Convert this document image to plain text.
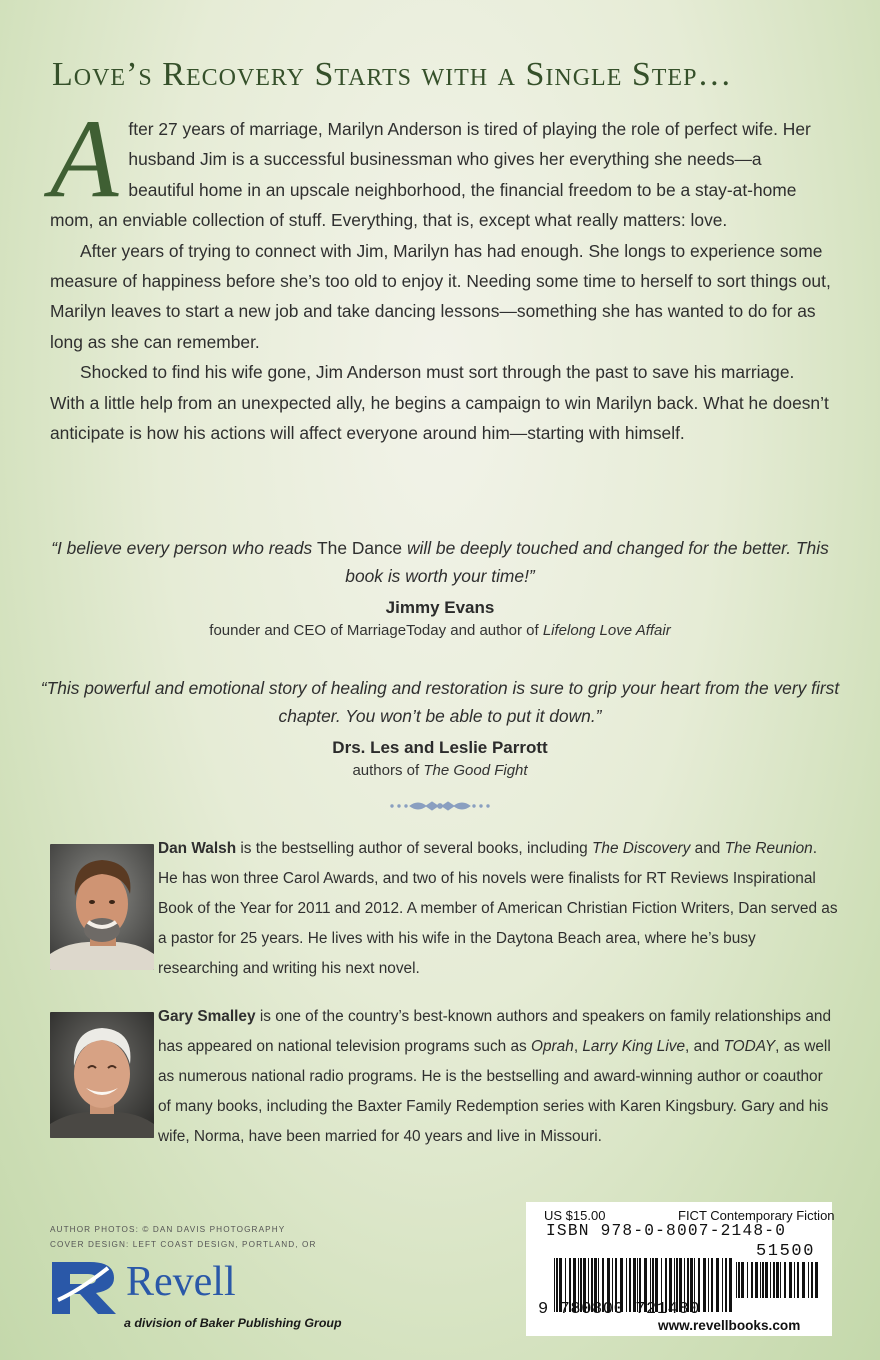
Love’s Recovery Starts with a Single Step…
A fter 27 years of marriage, Marilyn Anderson is tired of playing the role of perfect wife. Her husband Jim is a successful businessman who gives her everything she needs—a beautiful home in an upscale neighborhood, the financial freedom to be a stay-at-home mom, an enviable collection of stuff. Everything, that is, except what really matters: love.

After years of trying to connect with Jim, Marilyn has had enough. She longs to experience some measure of happiness before she’s too old to enjoy it. Needing some time to herself to sort things out, Marilyn leaves to start a new job and take dancing lessons—something she has wanted to do for as long as she can remember.

Shocked to find his wife gone, Jim Anderson must sort through the past to save his marriage. With a little help from an unexpected ally, he begins a campaign to win Marilyn back. What he doesn’t anticipate is how his actions will affect everyone around him—starting with himself.

“I believe every person who reads The Dance will be deeply touched and changed for the better. This book is worth your time!”
Jimmy Evans
founder and CEO of MarriageToday and author of Lifelong Love Affair
“This powerful and emotional story of healing and restoration is sure to grip your heart from the very first chapter. You won’t be able to put it down.”
Drs. Les and Leslie Parrott
authors of The Good Fight
Dan Walsh is the bestselling author of several books, including The Discovery and The Reunion. He has won three Carol Awards, and two of his novels were finalists for RT Reviews Inspirational Book of the Year for 2011 and 2012. A member of American Christian Fiction Writers, Dan served as a pastor for 25 years. He lives with his wife in the Daytona Beach area, where he’s busy researching and writing his next novel.
Gary Smalley is one of the country’s best-known authors and speakers on family relationships and has appeared on national television programs such as Oprah, Larry King Live, and TODAY, as well as numerous national radio programs. He is the bestselling and award-winning author or coauthor of many books, including the Baxter Family Redemption series with Karen Kingsbury. Gary and his wife, Norma, have been married for 40 years and live in Missouri.
AUTHOR PHOTOS: © DAN DAVIS PHOTOGRAPHY
COVER DESIGN: LEFT COAST DESIGN, PORTLAND, OR
Revell
a division of Baker Publishing Group
US $15.00	FICT Contemporary Fiction
ISBN 978-0-8007-2148-0
51500
9 780800 721480
www.revellbooks.com
